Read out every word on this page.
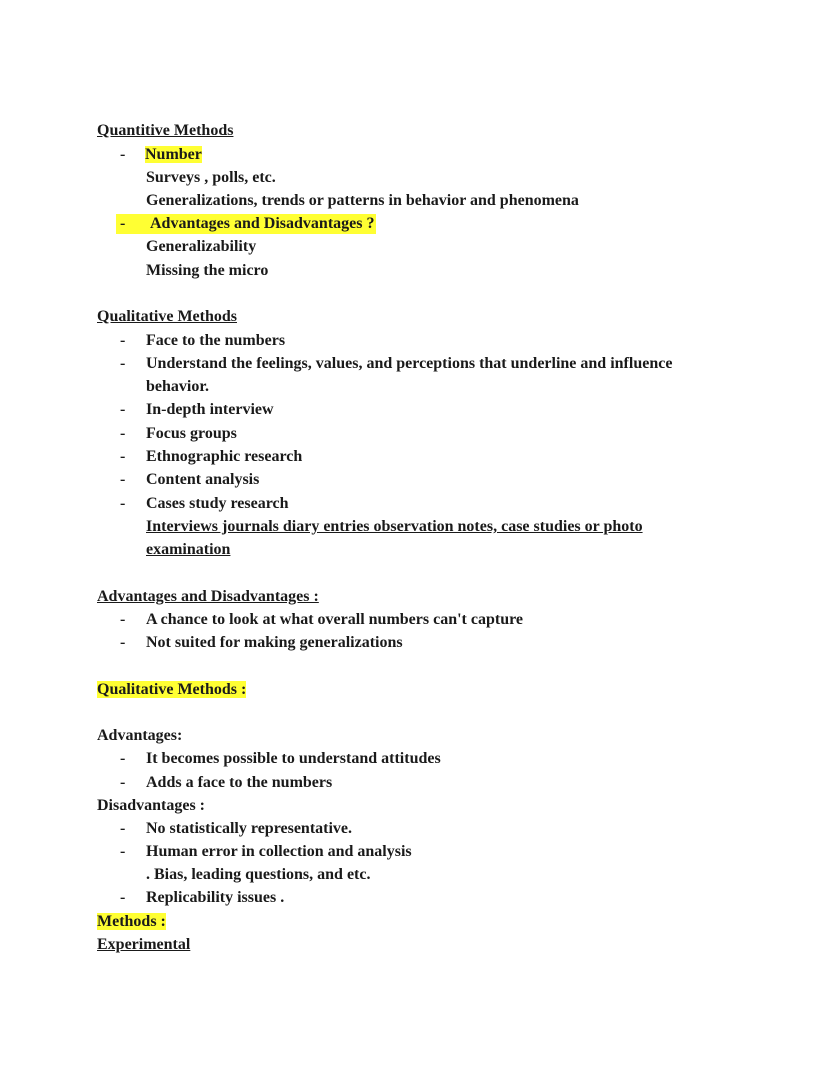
Quantitive Methods
-	Number
Surveys , polls, etc.
Generalizations, trends or patterns in behavior and phenomena
- Advantages and Disadvantages ?
Generalizability
Missing the micro
Qualitative Methods
-	Face to the numbers
-	Understand the feelings, values, and perceptions that underline and influence
behavior.
-	In-depth interview
-	Focus groups
-	Ethnographic research
-	Content analysis
-	Cases study research
Interviews journals diary entries observation notes, case studies or photo
examination
Advantages and Disadvantages :
-	A chance to look at what overall numbers can't capture
-	Not suited for making generalizations
Qualitative Methods :
Advantages:
-	It becomes possible to understand attitudes
-	Adds a face to the numbers
Disadvantages :
-	No statistically representative.
-	Human error in collection and analysis
. Bias, leading questions, and etc.
-	Replicability issues .
Methods :
Experimental
